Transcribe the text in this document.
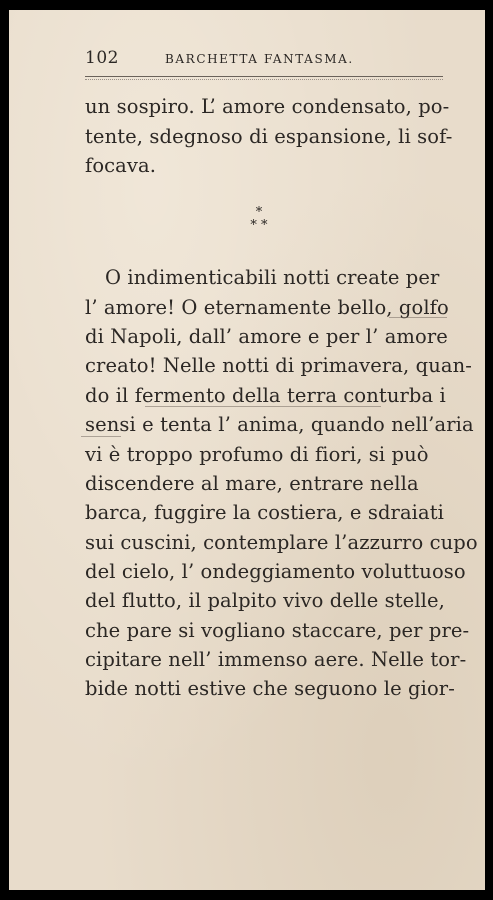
102	BARCHETTA FANTASMA.
un sospiro. L’ amore condensato, po-
tente, sdegnoso di espansione, li sof-
focava.
*
* *
O indimenticabili notti create per
l’ amore! O eternamente bello, golfo
di Napoli, dall’ amore e per l’ amore
creato! Nelle notti di primavera, quan-
do il fermento della terra conturba i
sensi e tenta l’ anima, quando nell’aria
vi è troppo profumo di fiori, si può
discendere al mare, entrare nella
barca, fuggire la costiera, e sdraiati
sui cuscini, contemplare l’azzurro cupo
del cielo, l’ ondeggiamento voluttuoso
del flutto, il palpito vivo delle stelle,
che pare si vogliano staccare, per pre-
cipitare nell’ immenso aere. Nelle tor-
bide notti estive che seguono le gior-
